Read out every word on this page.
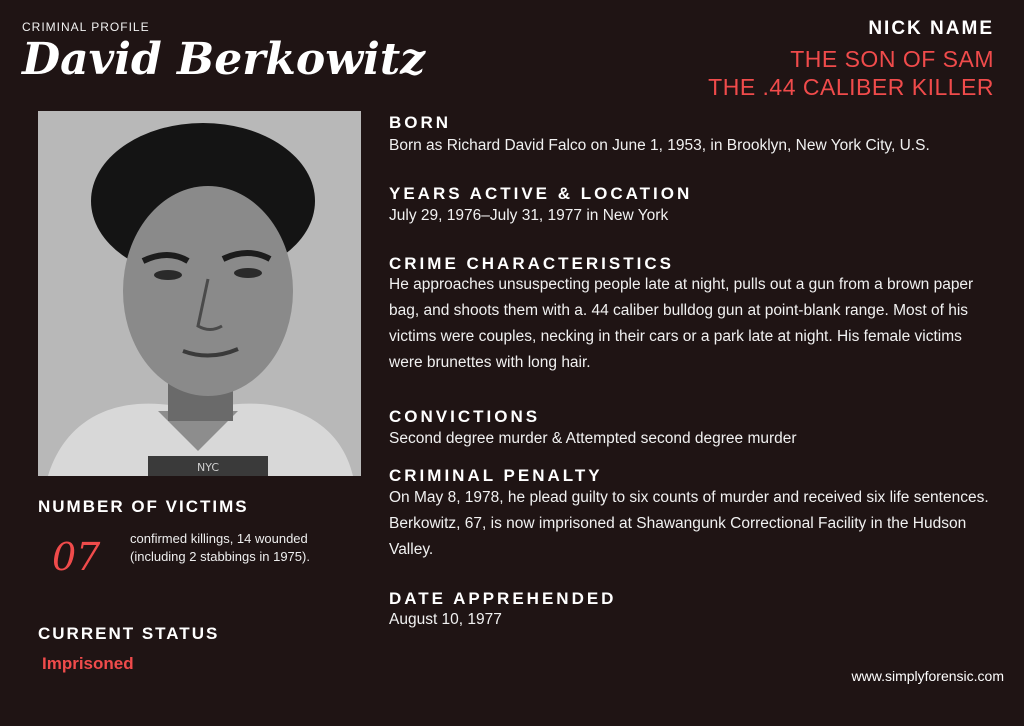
CRIMINAL PROFILE
David Berkowitz
NICK NAME
THE SON OF SAM
THE .44 CALIBER KILLER
NYC
BORN
Born as Richard David Falco on June 1, 1953, in Brooklyn, New York City, U.S.
YEARS ACTIVE & LOCATION
July 29, 1976–July 31, 1977 in New York
CRIME CHARACTERISTICS
He approaches unsuspecting people late at night, pulls out a gun from a brown paper bag, and shoots them with a. 44 caliber bulldog gun at point-blank range. Most of his victims were couples, necking in their cars or a park late at night. His female victims were brunettes with long hair.
CONVICTIONS
Second degree murder & Attempted second degree murder
CRIMINAL PENALTY
On May 8, 1978, he plead guilty to six counts of murder and received six life sentences. Berkowitz, 67, is now imprisoned at Shawangunk Correctional Facility in the Hudson Valley.
DATE APPREHENDED
August 10, 1977
NUMBER OF VICTIMS
07 confirmed killings, 14 wounded
(including 2 stabbings in 1975).
CURRENT STATUS
Imprisoned
www.simplyforensic.com
